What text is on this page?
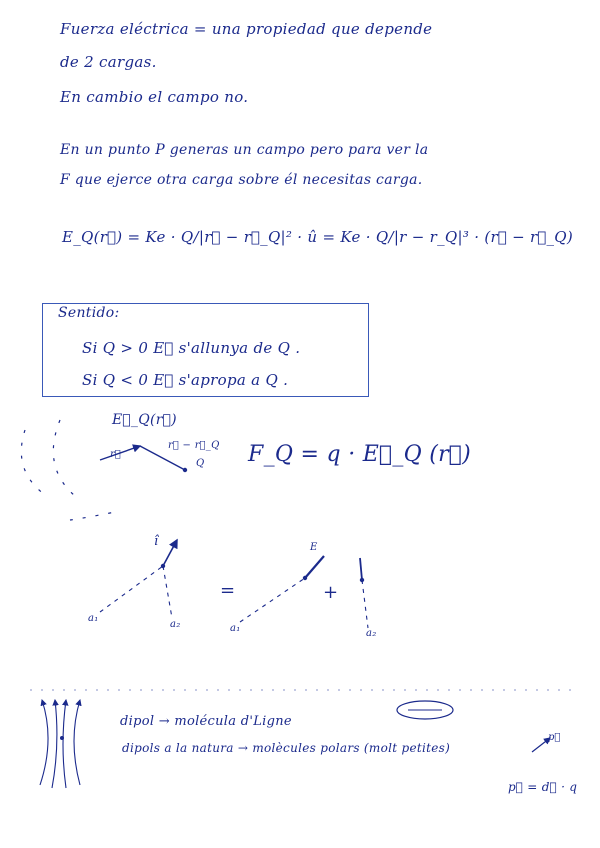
Fuerza eléctrica = una propiedad que depende
de 2 cargas.
En cambio el campo no.
En un punto P generas un campo pero para ver la
F que ejerce otra carga sobre él necesitas carga.
E_Q(r⃗) = Ke · Q/|r⃗ − r⃗_Q|² · û = Ke · Q/|r − r_Q|³ · (r⃗ − r⃗_Q)
Sentido:
Si Q > 0 E⃗ s'allunya de Q .
Si Q < 0 E⃗ s'apropa a Q .
E⃗_Q(r⃗)
r⃗
r⃗ − r⃗_Q
Q F_Q = q · E⃗_Q (r⃗)
î
=	+
a₁
a₂	a₁
E
a₂
dipol → molécula d'Ligne
dipols a la natura → molècules polars (molt petites)
p⃗
p⃗ = d⃗ · q
